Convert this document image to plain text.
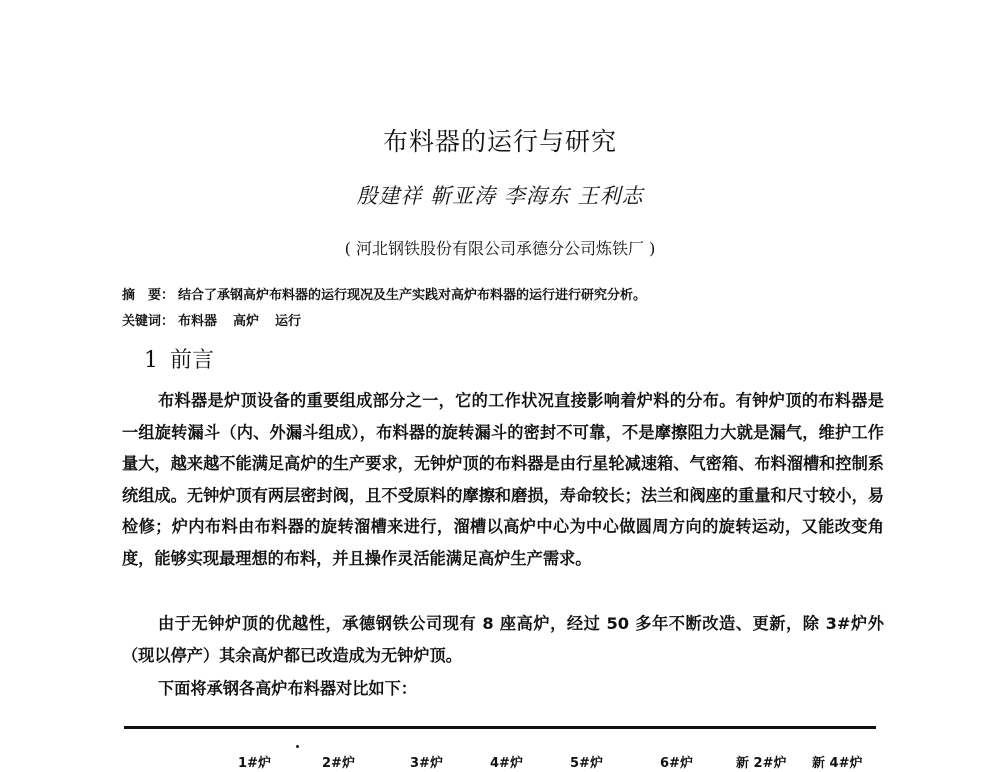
布料器的运行与研究
殷建祥 靳亚涛 李海东 王利志
( 河北钢铁股份有限公司承德分公司炼铁厂 )
摘　要： 结合了承钢高炉布料器的运行现况及生产实践对高炉布料器的运行进行研究分析。
关键词： 布料器 高炉 运行
1 前言

布料器是炉顶设备的重要组成部分之一，它的工作状况直接影响着炉料的分布。有钟炉顶的布料器是一组旋转漏斗（内、外漏斗组成），布料器的旋转漏斗的密封不可靠，不是摩擦阻力大就是漏气，维护工作量大，越来越不能满足高炉的生产要求，无钟炉顶的布料器是由行星轮减速箱、气密箱、布料溜槽和控制系统组成。无钟炉顶有两层密封阀，且不受原料的摩擦和磨损，寿命较长；法兰和阀座的重量和尺寸较小，易检修；炉内布料由布料器的旋转溜槽来进行，溜槽以高炉中心为中心做圆周方向的旋转运动，又能改变角度，能够实现最理想的布料，并且操作灵活能满足高炉生产需求。

由于无钟炉顶的优越性，承德钢铁公司现有 8 座高炉，经过 50 多年不断改造、更新，除 3#炉外（现以停产）其余高炉都已改造成为无钟炉顶。

下面将承钢各高炉布料器对比如下：

1#炉	2#炉	3#炉	4#炉	5#炉	6#炉	新 2#炉 新 4#炉
